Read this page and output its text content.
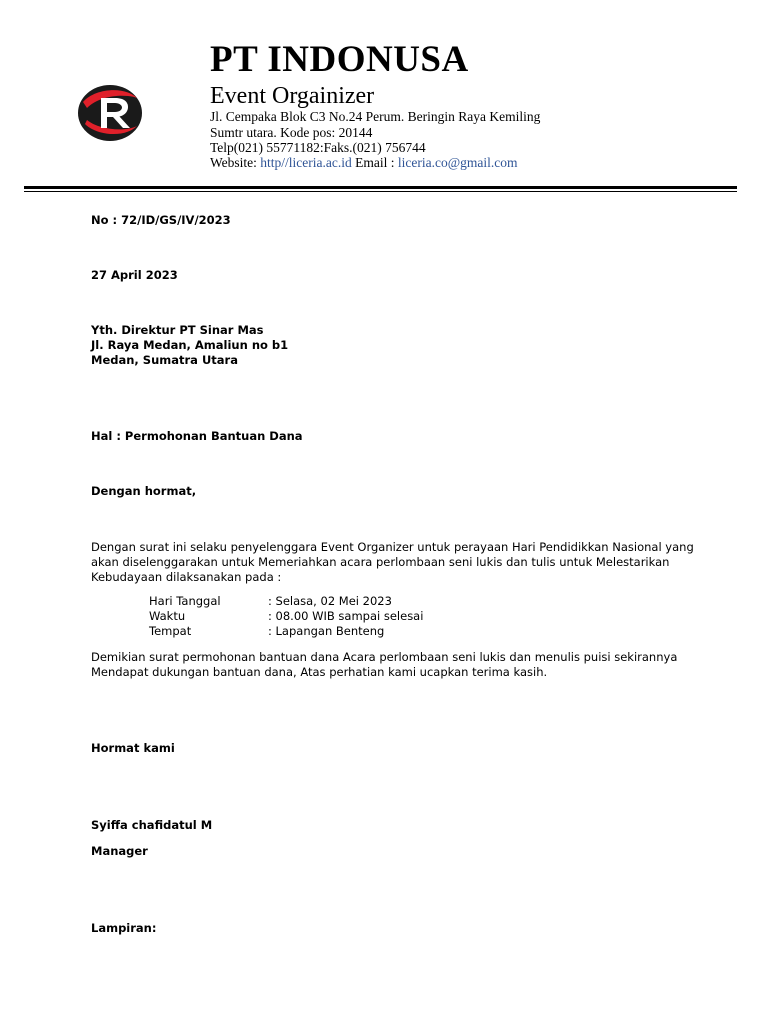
PT INDONUSA
Event Orgainizer
Jl. Cempaka Blok C3 No.24 Perum. Beringin Raya Kemiling
Sumtr utara. Kode pos: 20144
Telp(021) 55771182:Faks.(021) 756744
Website: http//liceria.ac.id Email : liceria.co@gmail.com
No : 72/ID/GS/IV/2023
27 April 2023
Yth. Direktur PT Sinar Mas
Jl. Raya Medan, Amaliun no b1
Medan, Sumatra Utara
Hal : Permohonan Bantuan Dana
Dengan hormat,
Dengan surat ini selaku penyelenggara Event Organizer untuk perayaan Hari Pendidikkan Nasional yang
akan diselenggarakan untuk Memeriahkan acara perlombaan seni lukis dan tulis untuk Melestarikan
Kebudayaan dilaksanakan pada :
Hari Tanggal	: Selasa, 02 Mei 2023
Waktu	: 08.00 WIB sampai selesai
Tempat	: Lapangan Benteng
Demikian surat permohonan bantuan dana Acara perlombaan seni lukis dan menulis puisi sekirannya
Mendapat dukungan bantuan dana, Atas perhatian kami ucapkan terima kasih.
Hormat kami
Syiffa chafidatul M
Manager
Lampiran:
